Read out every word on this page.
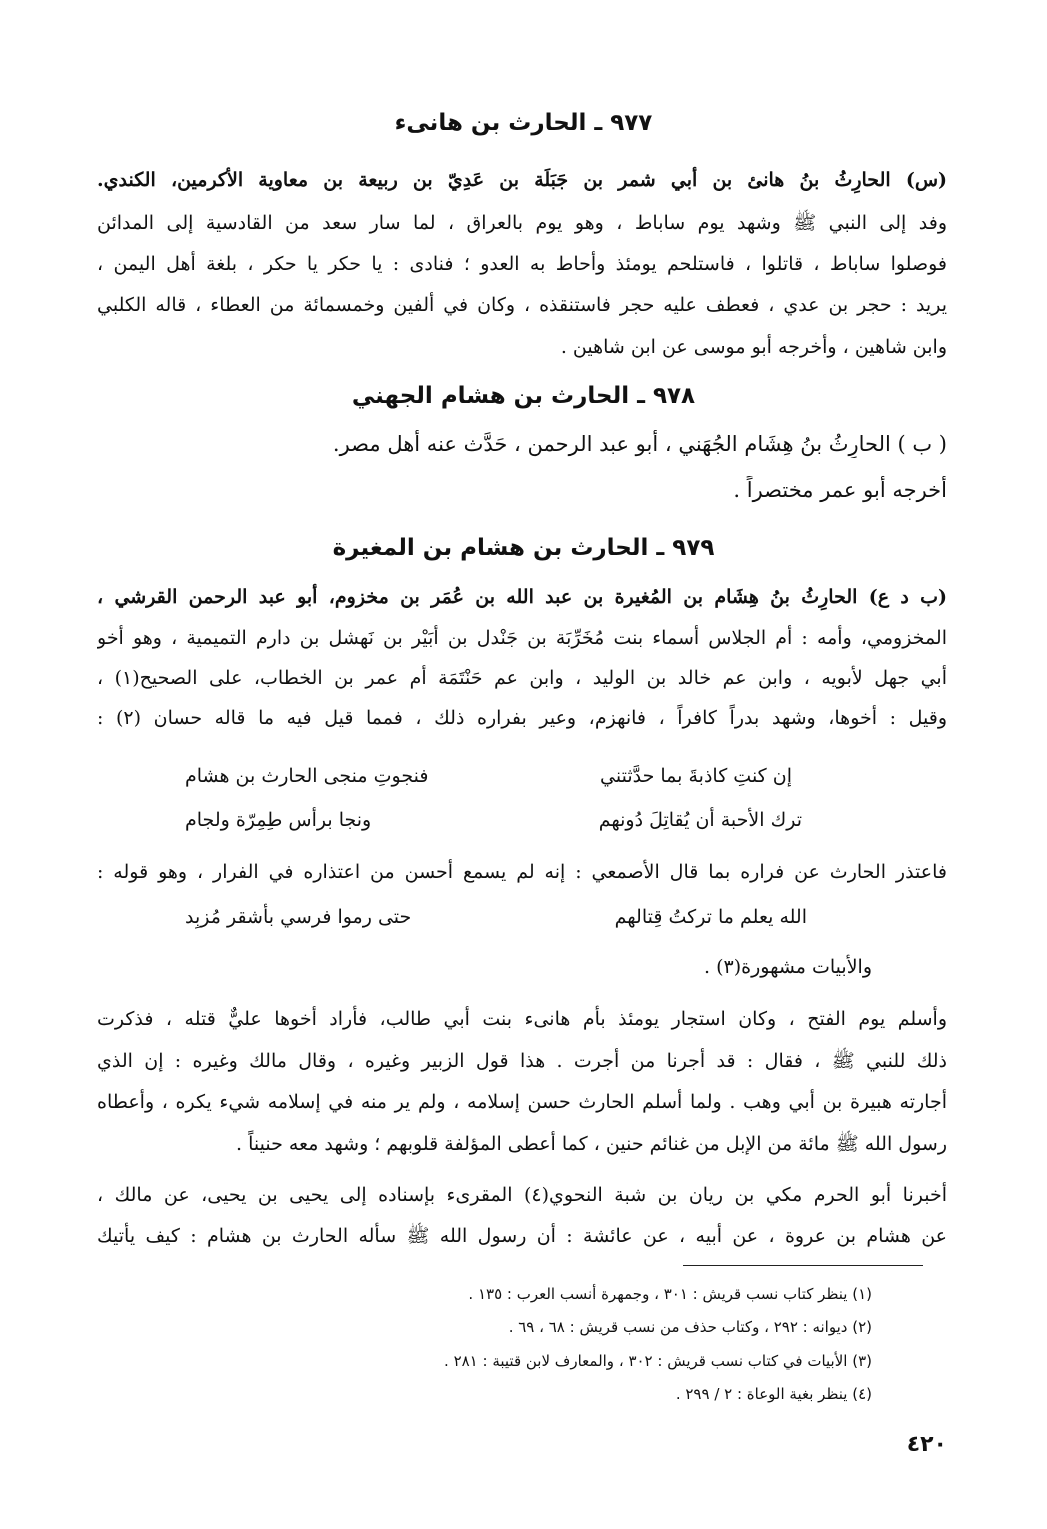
٩٧٧ ـ الحارث بن هانىء
(س) الحارِثُ بنُ هانئ بن أبي شمر بن جَبَلَة بن عَدِيّ بن ربيعة بن معاوية الأكرمين، الكندي.
وفد إلى النبي ﷺ وشهد يوم ساباط ، وهو يوم بالعراق ، لما سار سعد من القادسية إلى المدائن
فوصلوا ساباط ، قاتلوا ، فاستلحم يومئذ وأحاط به العدو ؛ فنادى : يا حكر يا حكر ، بلغة أهل اليمن ،
يريد : حجر بن عدي ، فعطف عليه حجر فاستنقذه ، وكان في ألفين وخمسمائة من العطاء ، قاله الكلبي
وابن شاهين ، وأخرجه أبو موسى عن ابن شاهين .
٩٧٨ ـ الحارث بن هشام الجهني
( ب ) الحارِثُ بنُ هِشَام الجُهَني ، أبو عبد الرحمن ، حَدَّث عنه أهل مصر.
أخرجه أبو عمر مختصراً .
٩٧٩ ـ الحارث بن هشام بن المغيرة
(ب د ع) الحارِثُ بنُ هِشَام بن المُغيرة بن عبد الله بن عُمَر بن مخزوم، أبو عبد الرحمن القرشي ،
المخزومي، وأمه : أم الجلاس أسماء بنت مُخَرِّبَة بن جَنْدل بن أبَيْر بن نَهشل بن دارم التميمية ، وهو أخو
أبي جهل لأبويه ، وابن عم خالد بن الوليد ، وابن عم حَنْتَمَة أم عمر بن الخطاب، على الصحيح(١) ،
وقيل : أخوها، وشهد بدراً كافراً ، فانهزم، وعير بفراره ذلك ، فمما قيل فيه ما قاله حسان (٢) :
إن كنتِ كاذبةَ بما حدَّثتني
فنجوتِ منجى الحارث بن هشام
ترك الأحبة أن يُقاتِلَ دُونهم
ونجا برأس طِمِرّة ولجام
فاعتذر الحارث عن فراره بما قال الأصمعي : إنه لم يسمع أحسن من اعتذاره في الفرار ، وهو قوله :
الله يعلم ما تركتُ قِتالهم
حتى رموا فرسي بأشقر مُزبِد
والأبيات مشهورة(٣) .
وأسلم يوم الفتح ، وكان استجار يومئذ بأم هانىء بنت أبي طالب، فأراد أخوها عليٌّ قتله ، فذكرت
ذلك للنبي ﷺ ، فقال : قد أجرنا من أجرت . هذا قول الزبير وغيره ، وقال مالك وغيره : إن الذي
أجارته هبيرة بن أبي وهب . ولما أسلم الحارث حسن إسلامه ، ولم ير منه في إسلامه شيء يكره ، وأعطاه
رسول الله ﷺ مائة من الإبل من غنائم حنين ، كما أعطى المؤلفة قلوبهم ؛ وشهد معه حنيناً .
أخبرنا أبو الحرم مكي بن ريان بن شبة النحوي(٤) المقرىء بإسناده إلى يحيى بن يحيى، عن مالك ،
عن هشام بن عروة ، عن أبيه ، عن عائشة : أن رسول الله ﷺ سأله الحارث بن هشام : كيف يأتيك
(١) ينظر كتاب نسب قريش : ٣٠١ ، وجمهرة أنسب العرب : ١٣٥ .
(٢) ديوانه : ٢٩٢ ، وكتاب حذف من نسب قريش : ٦٨ ، ٦٩ .
(٣) الأبيات في كتاب نسب قريش : ٣٠٢ ، والمعارف لابن قتيبة : ٢٨١ .
(٤) ينظر بغية الوعاة : ٢ / ٢٩٩ .
٤٢٠
